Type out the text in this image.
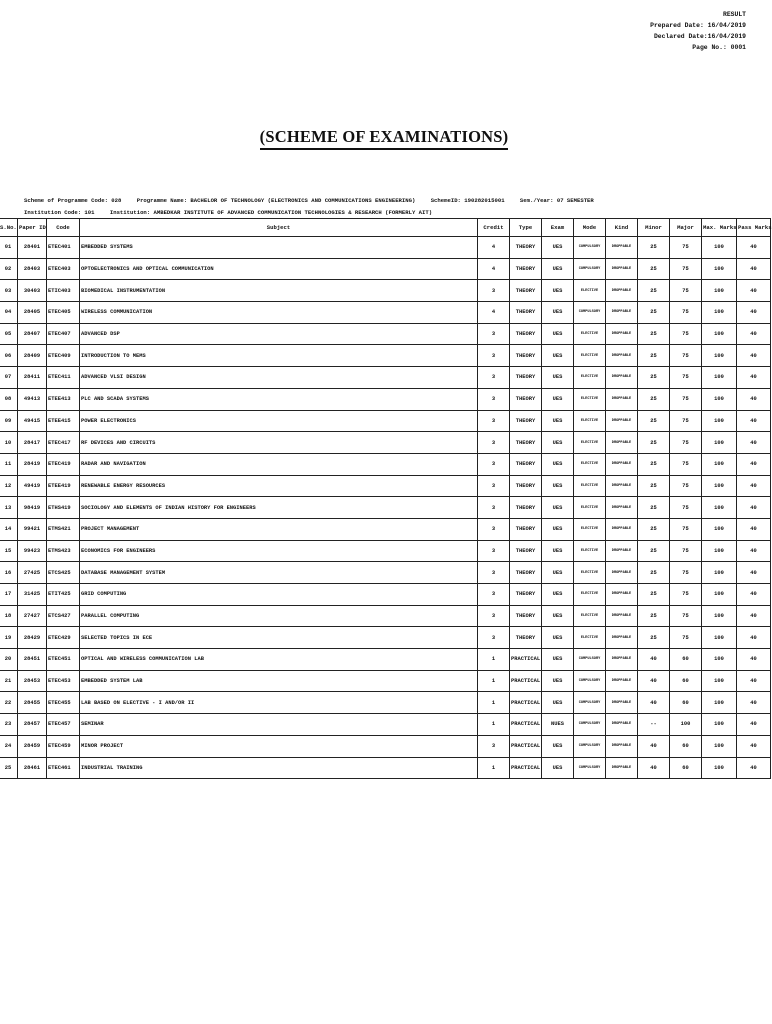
RESULT
Prepared Date: 16/04/2019
Declared Date:16/04/2019
Page No.: 0001
(SCHEME OF EXAMINATIONS)
Scheme of Programme Code: 028	Programme Name: BACHELOR OF TECHNOLOGY (ELECTRONICS AND COMMUNICATIONS ENGINEERING)	SchemeID: 190282015001	Sem./Year: 07 SEMESTER
Institution Code: 101	Institution: AMBEDKAR INSTITUTE OF ADVANCED COMMUNICATION TECHNOLOGIES & RESEARCH (FORMERLY AIT)
S.No.	Paper ID	Code	Subject	Credit	Type	Exam	Mode	Kind	Minor	Major	Max. Marks	Pass Marks
01	28401	ETEC401	EMBEDDED SYSTEMS	4	THEORY	UES	COMPULSORY	DROPPABLE	25	75	100	40
02	28403	ETEC403	OPTOELECTRONICS AND OPTICAL COMMUNICATION	4	THEORY	UES	COMPULSORY	DROPPABLE	25	75	100	40
03	30403	ETIC403	BIOMEDICAL INSTRUMENTATION	3	THEORY	UES	ELECTIVE	DROPPABLE	25	75	100	40
04	28405	ETEC405	WIRELESS COMMUNICATION	4	THEORY	UES	COMPULSORY	DROPPABLE	25	75	100	40
05	28407	ETEC407	ADVANCED DSP	3	THEORY	UES	ELECTIVE	DROPPABLE	25	75	100	40
06	28409	ETEC409	INTRODUCTION TO MEMS	3	THEORY	UES	ELECTIVE	DROPPABLE	25	75	100	40
07	28411	ETEC411	ADVANCED VLSI DESIGN	3	THEORY	UES	ELECTIVE	DROPPABLE	25	75	100	40
08	49413	ETEE413	PLC AND SCADA SYSTEMS	3	THEORY	UES	ELECTIVE	DROPPABLE	25	75	100	40
09	49415	ETEE415	POWER ELECTRONICS	3	THEORY	UES	ELECTIVE	DROPPABLE	25	75	100	40
10	28417	ETEC417	RF DEVICES AND CIRCUITS	3	THEORY	UES	ELECTIVE	DROPPABLE	25	75	100	40
11	28419	ETEC419	RADAR AND NAVIGATION	3	THEORY	UES	ELECTIVE	DROPPABLE	25	75	100	40
12	49419	ETEE419	RENEWABLE ENERGY RESOURCES	3	THEORY	UES	ELECTIVE	DROPPABLE	25	75	100	40
13	98419	ETHS419	SOCIOLOGY AND ELEMENTS OF INDIAN HISTORY FOR ENGINEERS	3	THEORY	UES	ELECTIVE	DROPPABLE	25	75	100	40
14	99421	ETMS421	PROJECT MANAGEMENT	3	THEORY	UES	ELECTIVE	DROPPABLE	25	75	100	40
15	99423	ETMS423	ECONOMICS FOR ENGINEERS	3	THEORY	UES	ELECTIVE	DROPPABLE	25	75	100	40
16	27425	ETCS425	DATABASE MANAGEMENT SYSTEM	3	THEORY	UES	ELECTIVE	DROPPABLE	25	75	100	40
17	31425	ETIT425	GRID COMPUTING	3	THEORY	UES	ELECTIVE	DROPPABLE	25	75	100	40
18	27427	ETCS427	PARALLEL COMPUTING	3	THEORY	UES	ELECTIVE	DROPPABLE	25	75	100	40
19	28429	ETEC429	SELECTED TOPICS IN ECE	3	THEORY	UES	ELECTIVE	DROPPABLE	25	75	100	40
20	28451	ETEC451	OPTICAL AND WIRELESS COMMUNICATION LAB	1	PRACTICAL	UES	COMPULSORY	DROPPABLE	40	60	100	40
21	28453	ETEC453	EMBEDDED SYSTEM LAB	1	PRACTICAL	UES	COMPULSORY	DROPPABLE	40	60	100	40
22	28455	ETEC455	LAB BASED ON ELECTIVE - I AND/OR II	1	PRACTICAL	UES	COMPULSORY	DROPPABLE	40	60	100	40
23	28457	ETEC457	SEMINAR	1	PRACTICAL	NUES	COMPULSORY	DROPPABLE	--	100	100	40
24	28459	ETEC459	MINOR PROJECT	3	PRACTICAL	UES	COMPULSORY	DROPPABLE	40	60	100	40
25	28461	ETEC461	INDUSTRIAL TRAINING	1	PRACTICAL	UES	COMPULSORY	DROPPABLE	40	60	100	40
